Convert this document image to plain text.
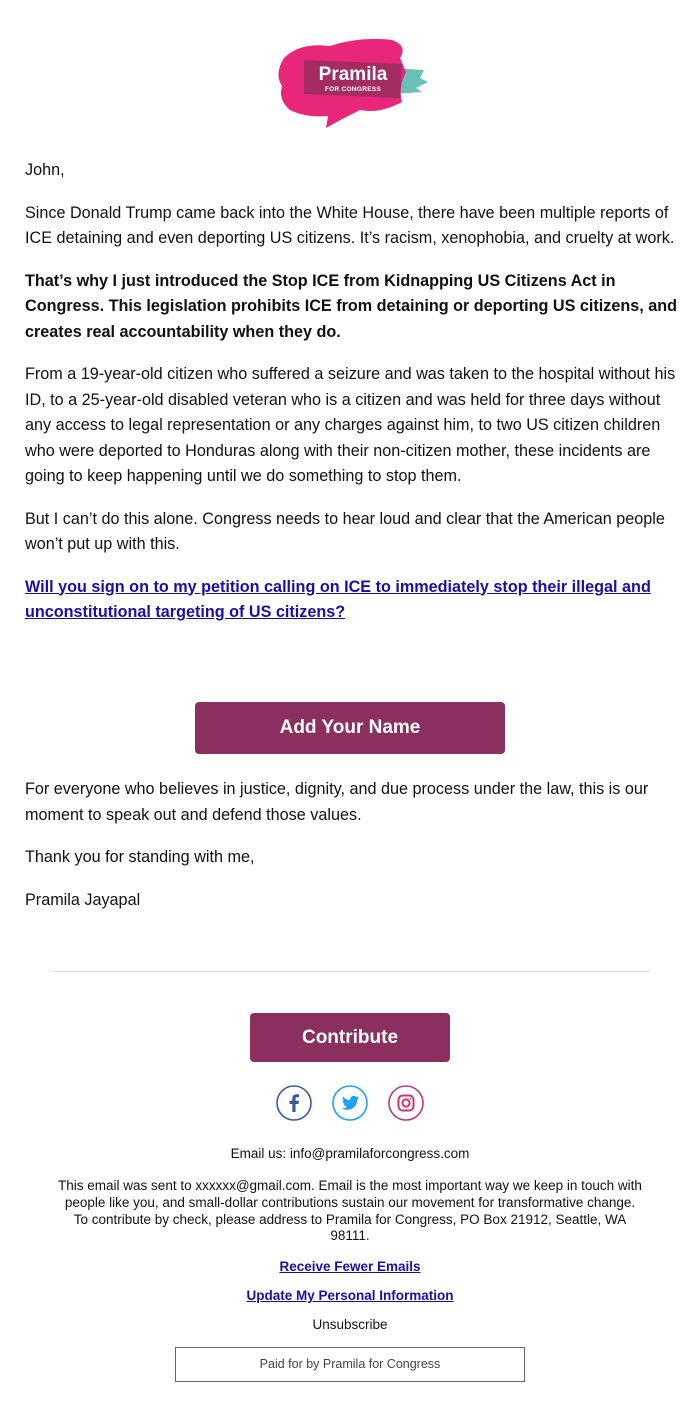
Pramila
FOR CONGRESS

John,

Since Donald Trump came back into the White House, there have been multiple reports of ICE detaining and even deporting US citizens. It’s racism, xenophobia, and cruelty at work.

That’s why I just introduced the Stop ICE from Kidnapping US Citizens Act in Congress. This legislation prohibits ICE from detaining or deporting US citizens, and creates real accountability when they do.

From a 19-year-old citizen who suffered a seizure and was taken to the hospital without his ID, to a 25-year-old disabled veteran who is a citizen and was held for three days without any access to legal representation or any charges against him, to two US citizen children who were deported to Honduras along with their non-citizen mother, these incidents are going to keep happening until we do something to stop them.

But I can’t do this alone. Congress needs to hear loud and clear that the American people won’t put up with this.

Will you sign on to my petition calling on ICE to immediately stop their illegal and unconstitutional targeting of US citizens?

Add Your Name

For everyone who believes in justice, dignity, and due process under the law, this is our moment to speak out and defend those values.

Thank you for standing with me,

Pramila Jayapal

Contribute

Email us: info@pramilaforcongress.com
This email was sent to xxxxxx@gmail.com. Email is the most important way we keep in touch with people like you, and small-dollar contributions sustain our movement for transformative change. To contribute by check, please address to Pramila for Congress, PO Box 21912, Seattle, WA 98111.
Receive Fewer Emails
Update My Personal Information
Unsubscribe
Paid for by Pramila for Congress
